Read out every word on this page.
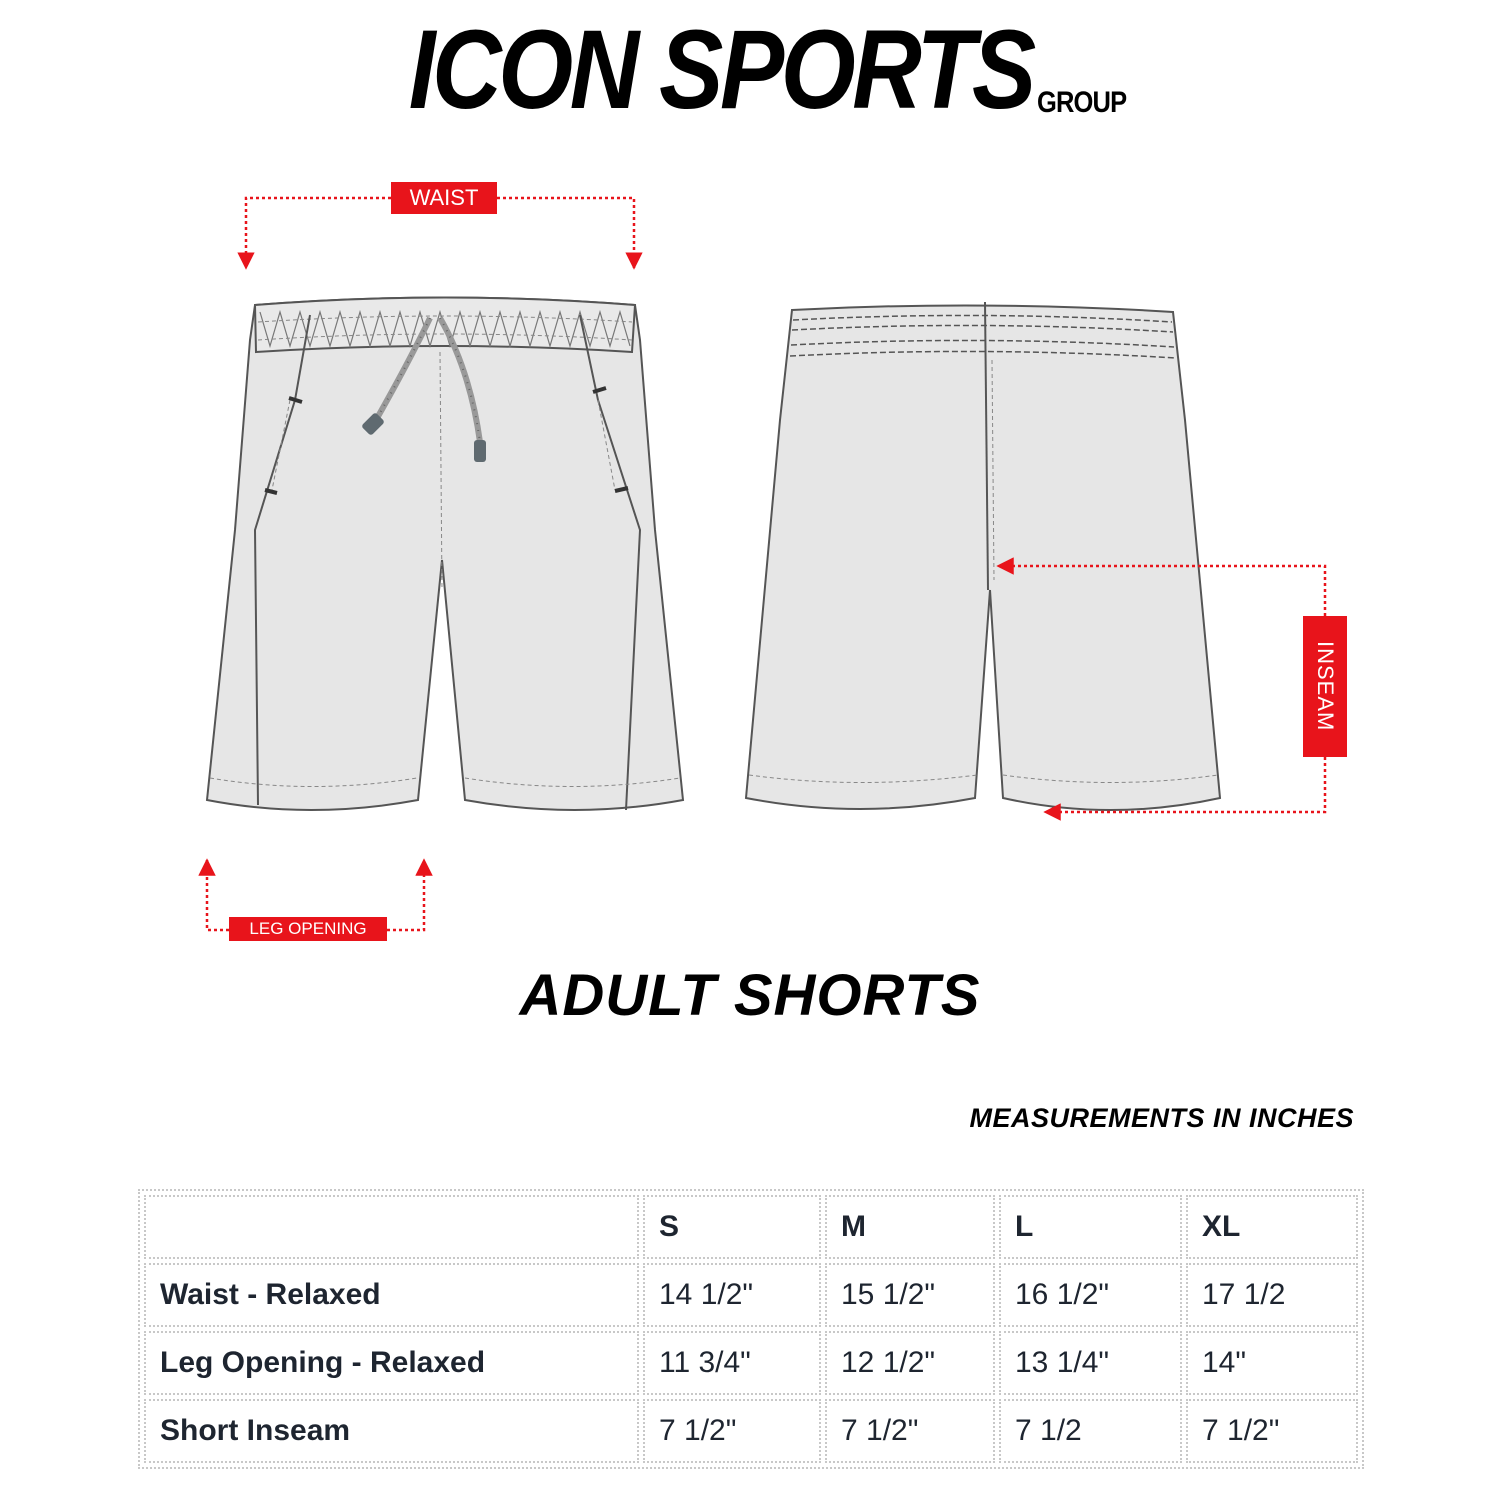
ICON SPORTS GROUP
WAIST
LEG OPENING
INSEAM
ADULT SHORTS
MEASUREMENTS IN INCHES
	S	M	L	XL
Waist - Relaxed	14 1/2"	15 1/2"	16 1/2"	17 1/2
Leg Opening - Relaxed	11 3/4"	12 1/2"	13 1/4"	14"
Short Inseam	7 1/2"	7 1/2"	7 1/2	7 1/2"
